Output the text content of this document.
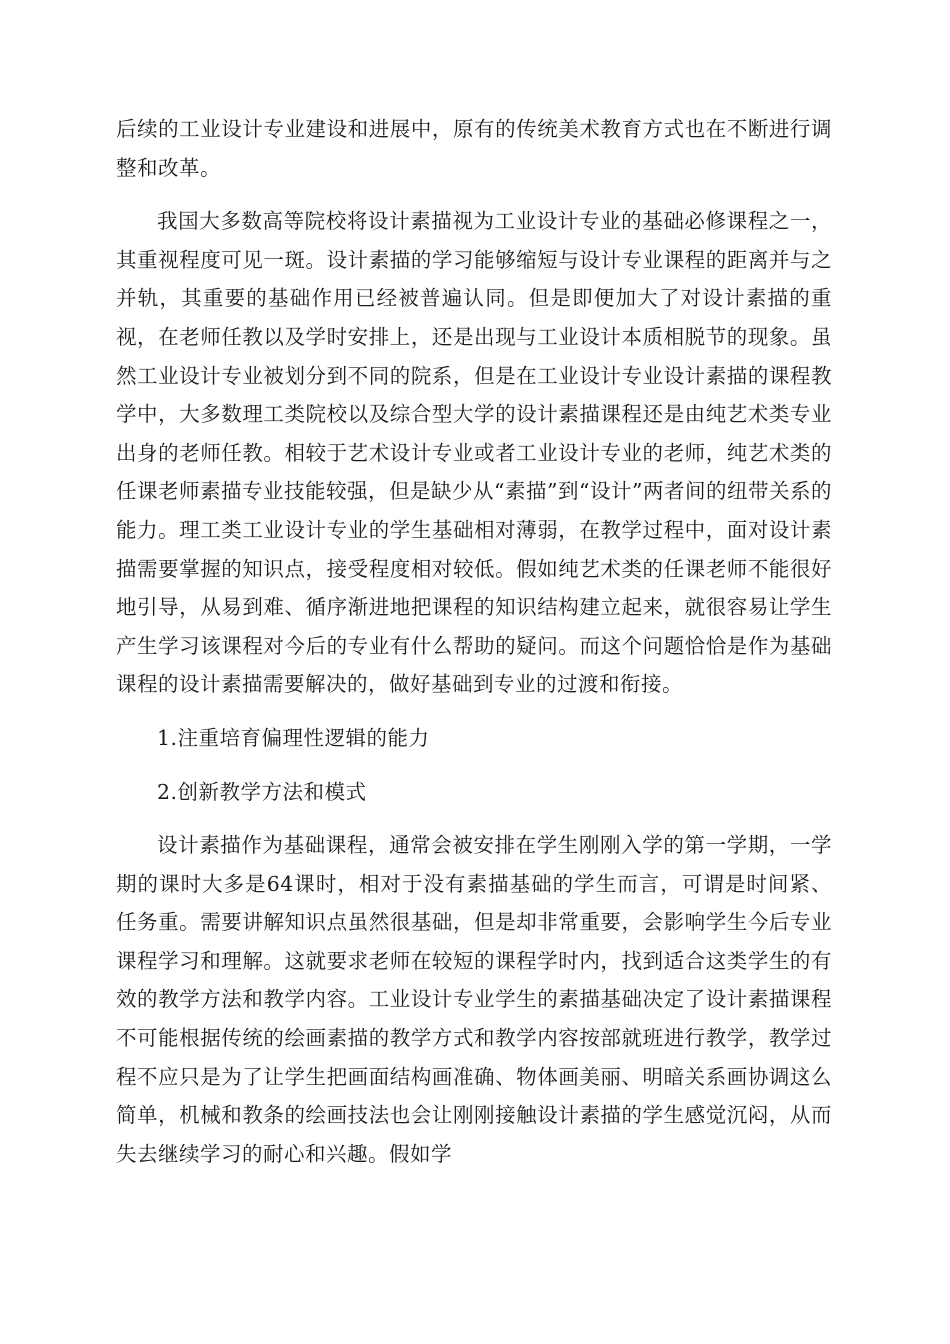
后续的工业设计专业建设和进展中，原有的传统美术教育方式也在不断进行调整和改革。

我国大多数高等院校将设计素描视为工业设计专业的基础必修课程之一，其重视程度可见一斑。设计素描的学习能够缩短与设计专业课程的距离并与之并轨，其重要的基础作用已经被普遍认同。但是即便加大了对设计素描的重视，在老师任教以及学时安排上，还是出现与工业设计本质相脱节的现象。虽然工业设计专业被划分到不同的院系，但是在工业设计专业设计素描的课程教学中，大多数理工类院校以及综合型大学的设计素描课程还是由纯艺术类专业出身的老师任教。相较于艺术设计专业或者工业设计专业的老师，纯艺术类的任课老师素描专业技能较强，但是缺少从“素描”到“设计”两者间的纽带关系的能力。理工类工业设计专业的学生基础相对薄弱，在教学过程中，面对设计素描需要掌握的知识点，接受程度相对较低。假如纯艺术类的任课老师不能很好地引导，从易到难、循序渐进地把课程的知识结构建立起来，就很容易让学生产生学习该课程对今后的专业有什么帮助的疑问。而这个问题恰恰是作为基础课程的设计素描需要解决的，做好基础到专业的过渡和衔接。

1.注重培育偏理性逻辑的能力

2.创新教学方法和模式

设计素描作为基础课程，通常会被安排在学生刚刚入学的第一学期，一学期的课时大多是64课时，相对于没有素描基础的学生而言，可谓是时间紧、任务重。需要讲解知识点虽然很基础，但是却非常重要，会影响学生今后专业课程学习和理解。这就要求老师在较短的课程学时内，找到适合这类学生的有效的教学方法和教学内容。工业设计专业学生的素描基础决定了设计素描课程不可能根据传统的绘画素描的教学方式和教学内容按部就班进行教学，教学过程不应只是为了让学生把画面结构画准确、物体画美丽、明暗关系画协调这么简单，机械和教条的绘画技法也会让刚刚接触设计素描的学生感觉沉闷，从而失去继续学习的耐心和兴趣。假如学
